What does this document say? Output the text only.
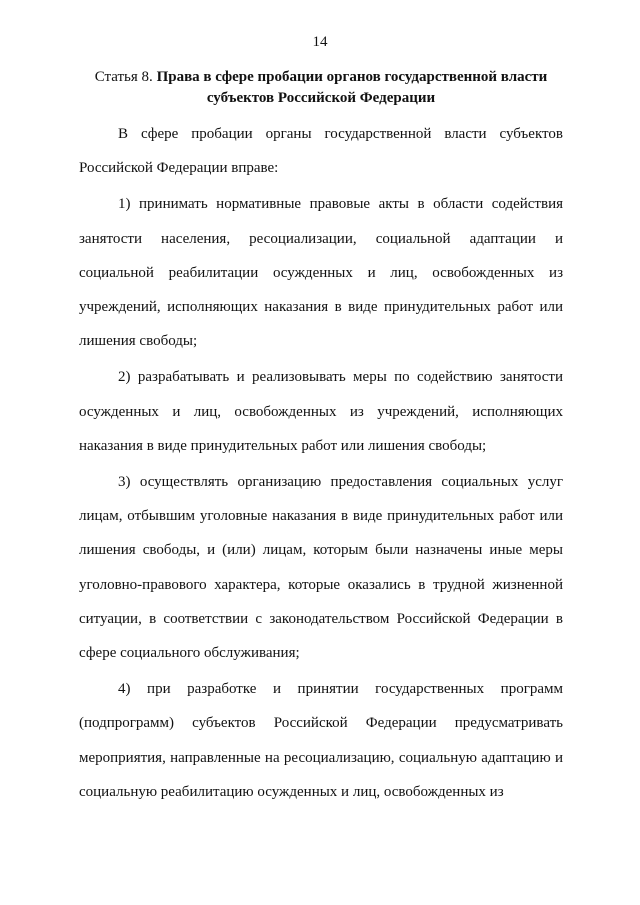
14
Статья 8. Права в сфере пробации органов государственной власти субъектов Российской Федерации

В сфере пробации органы государственной власти субъектов Российской Федерации вправе:

1) принимать нормативные правовые акты в области содействия занятости населения, ресоциализации, социальной адаптации и социальной реабилитации осужденных и лиц, освобожденных из учреждений, исполняющих наказания в виде принудительных работ или лишения свободы;

2) разрабатывать и реализовывать меры по содействию занятости осужденных и лиц, освобожденных из учреждений, исполняющих наказания в виде принудительных работ или лишения свободы;

3) осуществлять организацию предоставления социальных услуг лицам, отбывшим уголовные наказания в виде принудительных работ или лишения свободы, и (или) лицам, которым были назначены иные меры уголовно-правового характера, которые оказались в трудной жизненной ситуации, в соответствии с законодательством Российской Федерации в сфере социального обслуживания;

4) при разработке и принятии государственных программ (подпрограмм) субъектов Российской Федерации предусматривать мероприятия, направленные на ресоциализацию, социальную адаптацию и социальную реабилитацию осужденных и лиц, освобожденных из
